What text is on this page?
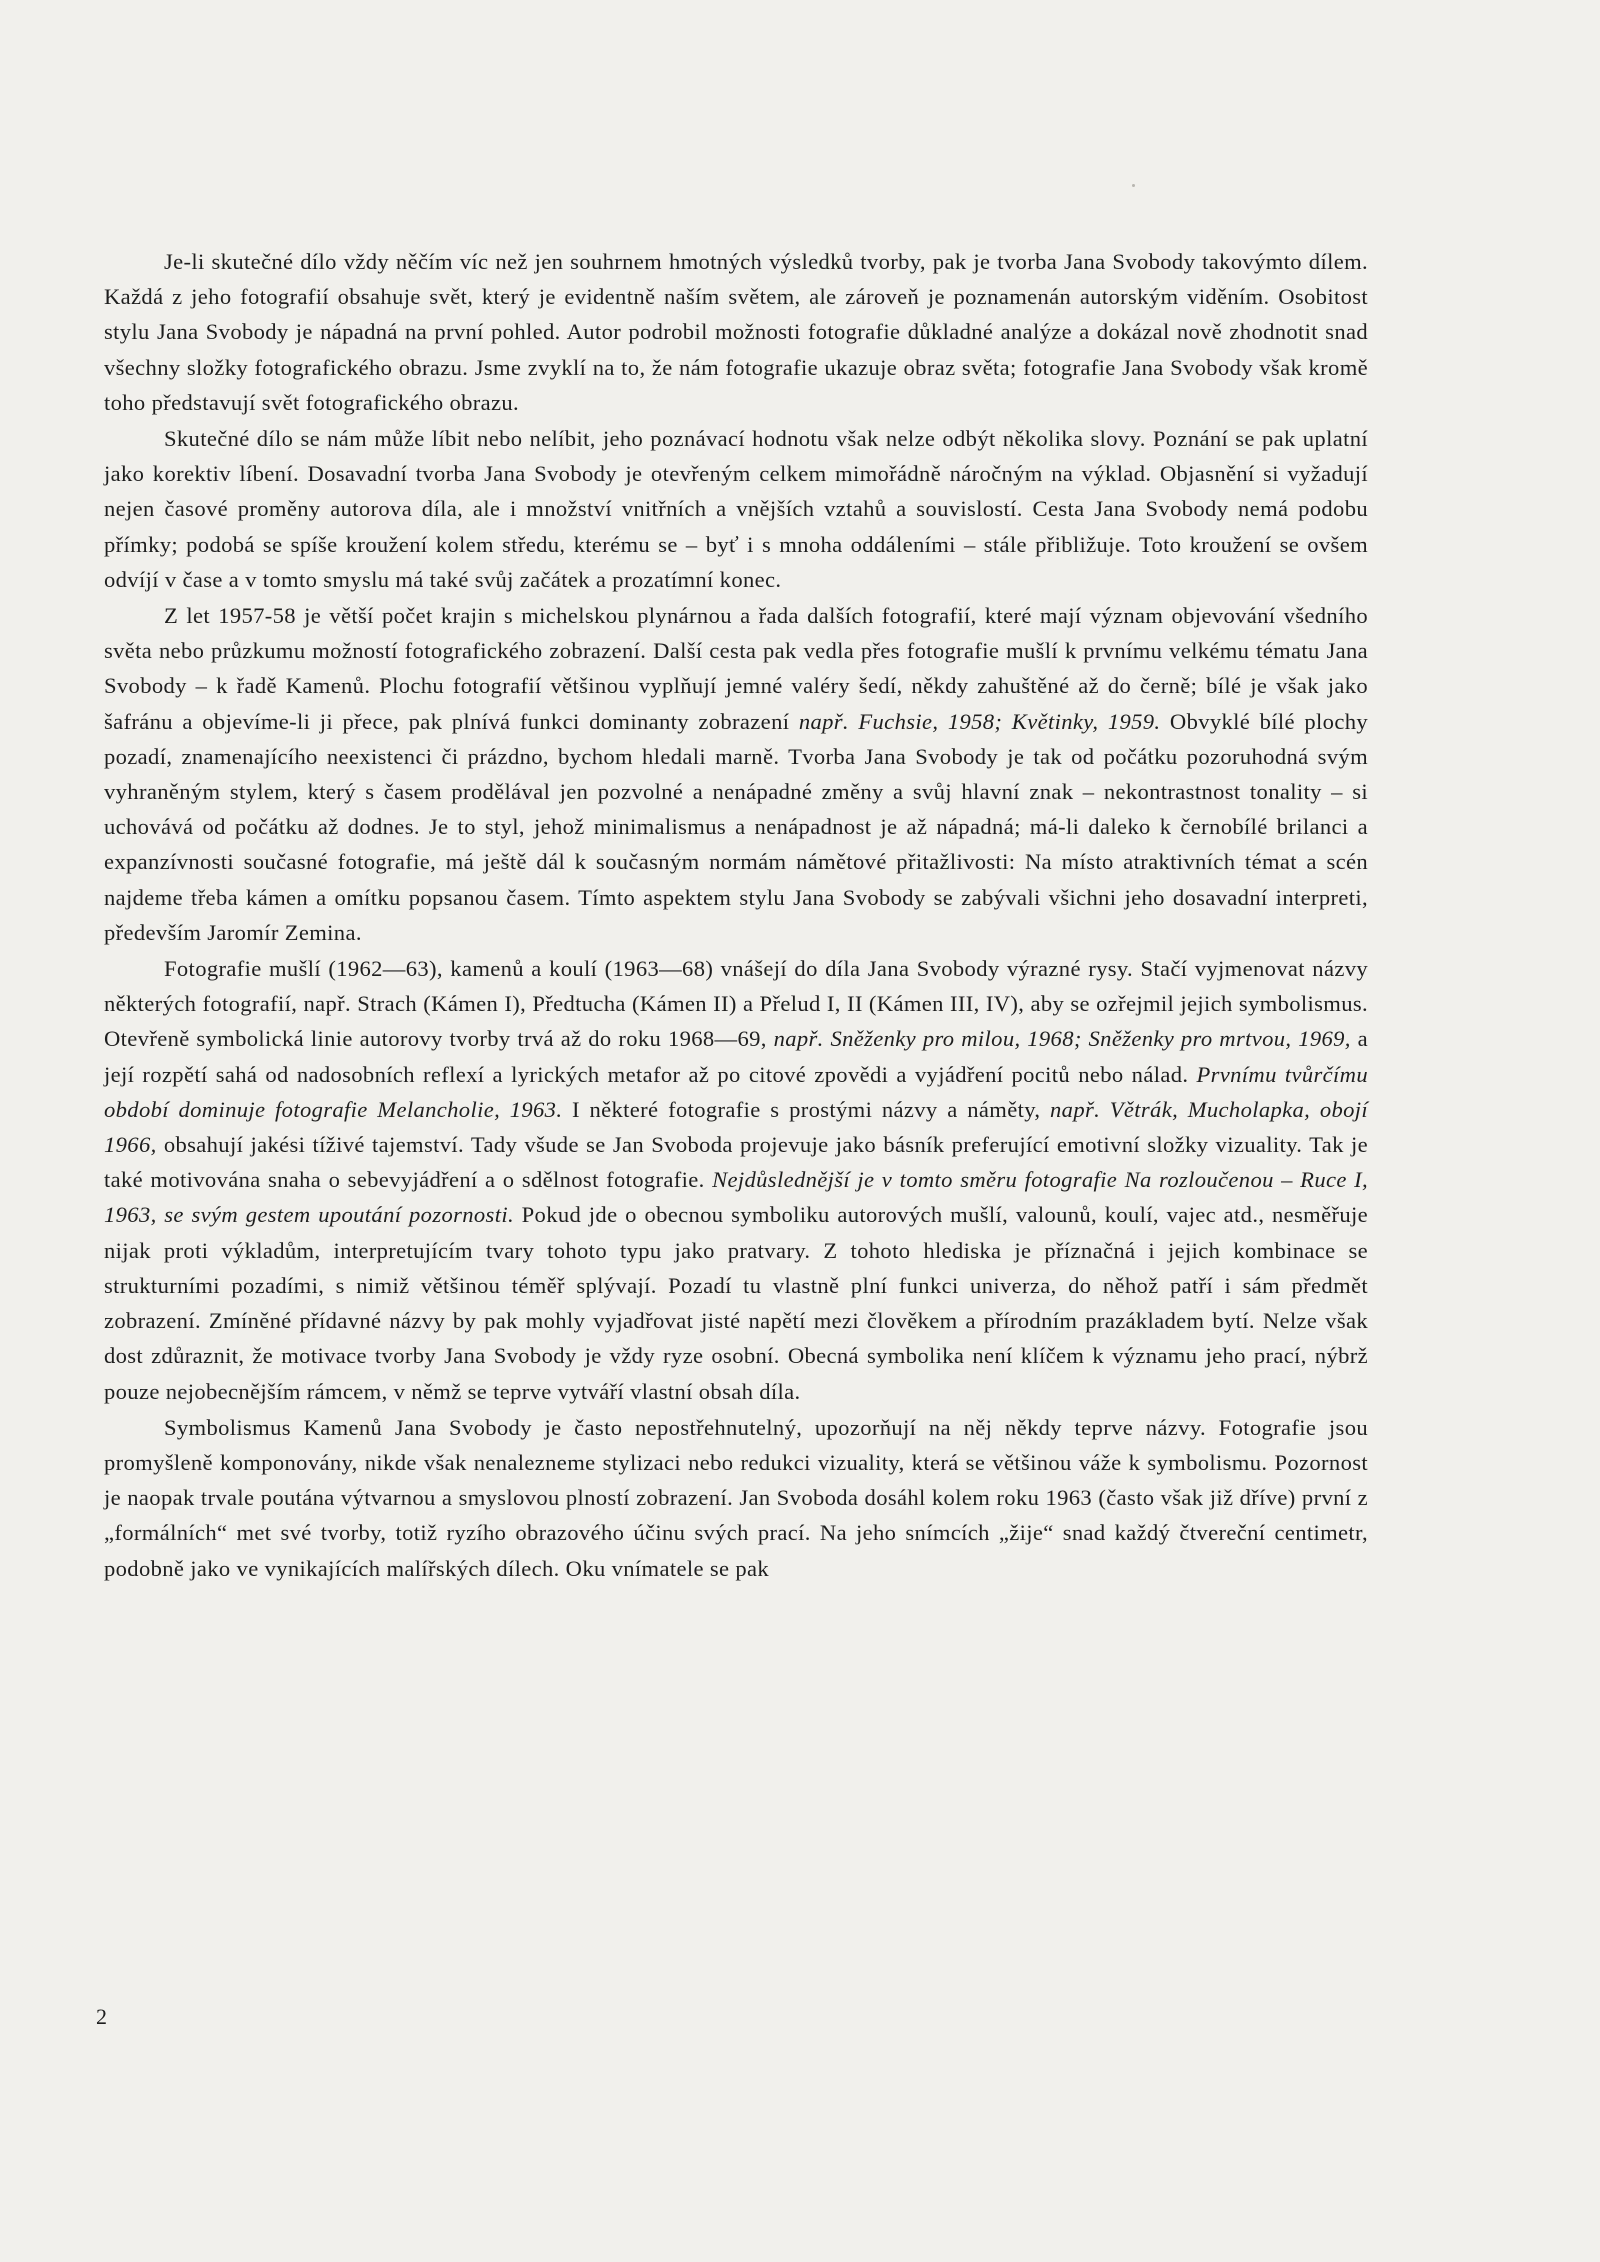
Je-li skutečné dílo vždy něčím víc než jen souhrnem hmotných výsledků tvorby, pak je tvorba Jana Svobody takovýmto dílem. Každá z jeho fotografií obsahuje svět, který je evidentně naším světem, ale zároveň je poznamenán autorským viděním. Osobitost stylu Jana Svobody je nápadná na první pohled. Autor podrobil možnosti fotografie důkladné analýze a dokázal nově zhodnotit snad všechny složky fotografického obrazu. Jsme zvyklí na to, že nám fotografie ukazuje obraz světa; fotografie Jana Svobody však kromě toho představují svět fotografického obrazu.

Skutečné dílo se nám může líbit nebo nelíbit, jeho poznávací hodnotu však nelze odbýt několika slovy. Poznání se pak uplatní jako korektiv líbení. Dosavadní tvorba Jana Svobody je otevřeným celkem mimořádně náročným na výklad. Objasnění si vyžadují nejen časové proměny autorova díla, ale i množství vnitřních a vnějších vztahů a souvislostí. Cesta Jana Svobody nemá podobu přímky; podobá se spíše kroužení kolem středu, kterému se – byť i s mnoha oddáleními – stále přibližuje. Toto kroužení se ovšem odvíjí v čase a v tomto smyslu má také svůj začátek a prozatímní konec.

Z let 1957-58 je větší počet krajin s michelskou plynárnou a řada dalších fotografií, které mají význam objevování všedního světa nebo průzkumu možností fotografického zobrazení. Další cesta pak vedla přes fotografie mušlí k prvnímu velkému tématu Jana Svobody – k řadě Kamenů. Plochu fotografií většinou vyplňují jemné valéry šedí, někdy zahuštěné až do černě; bílé je však jako šafránu a objevíme-li ji přece, pak plnívá funkci dominanty zobrazení např. Fuchsie, 1958; Květinky, 1959. Obvyklé bílé plochy pozadí, znamenajícího neexistenci či prázdno, bychom hledali marně. Tvorba Jana Svobody je tak od počátku pozoruhodná svým vyhraněným stylem, který s časem prodělával jen pozvolné a nenápadné změny a svůj hlavní znak – nekontrastnost tonality – si uchovává od počátku až dodnes. Je to styl, jehož minimalismus a nenápadnost je až nápadná; má-li daleko k černobílé brilanci a expanzívnosti současné fotografie, má ještě dál k současným normám námětové přitažlivosti: Na místo atraktivních témat a scén najdeme třeba kámen a omítku popsanou časem. Tímto aspektem stylu Jana Svobody se zabývali všichni jeho dosavadní interpreti, především Jaromír Zemina.

Fotografie mušlí (1962—63), kamenů a koulí (1963—68) vnášejí do díla Jana Svobody výrazné rysy. Stačí vyjmenovat názvy některých fotografií, např. Strach (Kámen I), Předtucha (Kámen II) a Přelud I, II (Kámen III, IV), aby se ozřejmil jejich symbolismus. Otevřeně symbolická linie autorovy tvorby trvá až do roku 1968—69, např. Sněženky pro milou, 1968; Sněženky pro mrtvou, 1969, a její rozpětí sahá od nadosobních reflexí a lyrických metafor až po citové zpovědi a vyjádření pocitů nebo nálad. Prvnímu tvůrčímu období dominuje fotografie Melancholie, 1963. I některé fotografie s prostými názvy a náměty, např. Větrák, Mucholapka, obojí 1966, obsahují jakési tíživé tajemství. Tady všude se Jan Svoboda projevuje jako básník preferující emotivní složky vizuality. Tak je také motivována snaha o sebevyjádření a o sdělnost fotografie. Nejdůslednější je v tomto směru fotografie Na rozloučenou – Ruce I, 1963, se svým gestem upoutání pozornosti. Pokud jde o obecnou symboliku autorových mušlí, valounů, koulí, vajec atd., nesměřuje nijak proti výkladům, interpretujícím tvary tohoto typu jako pratvary. Z tohoto hlediska je příznačná i jejich kombinace se strukturními pozadími, s nimiž většinou téměř splývají. Pozadí tu vlastně plní funkci univerza, do něhož patří i sám předmět zobrazení. Zmíněné přídavné názvy by pak mohly vyjadřovat jisté napětí mezi člověkem a přírodním prazákladem bytí. Nelze však dost zdůraznit, že motivace tvorby Jana Svobody je vždy ryze osobní. Obecná symbolika není klíčem k významu jeho prací, nýbrž pouze nejobecnějším rámcem, v němž se teprve vytváří vlastní obsah díla.

Symbolismus Kamenů Jana Svobody je často nepostřehnutelný, upozorňují na něj někdy teprve názvy. Fotografie jsou promyšleně komponovány, nikde však nenalezneme stylizaci nebo redukci vizuality, která se většinou váže k symbolismu. Pozornost je naopak trvale poutána výtvarnou a smyslovou plností zobrazení. Jan Svoboda dosáhl kolem roku 1963 (často však již dříve) první z „formálních“ met své tvorby, totiž ryzího obrazového účinu svých prací. Na jeho snímcích „žije“ snad každý čtvereční centimetr, podobně jako ve vynikajících malířských dílech. Oku vnímatele se pak

2
